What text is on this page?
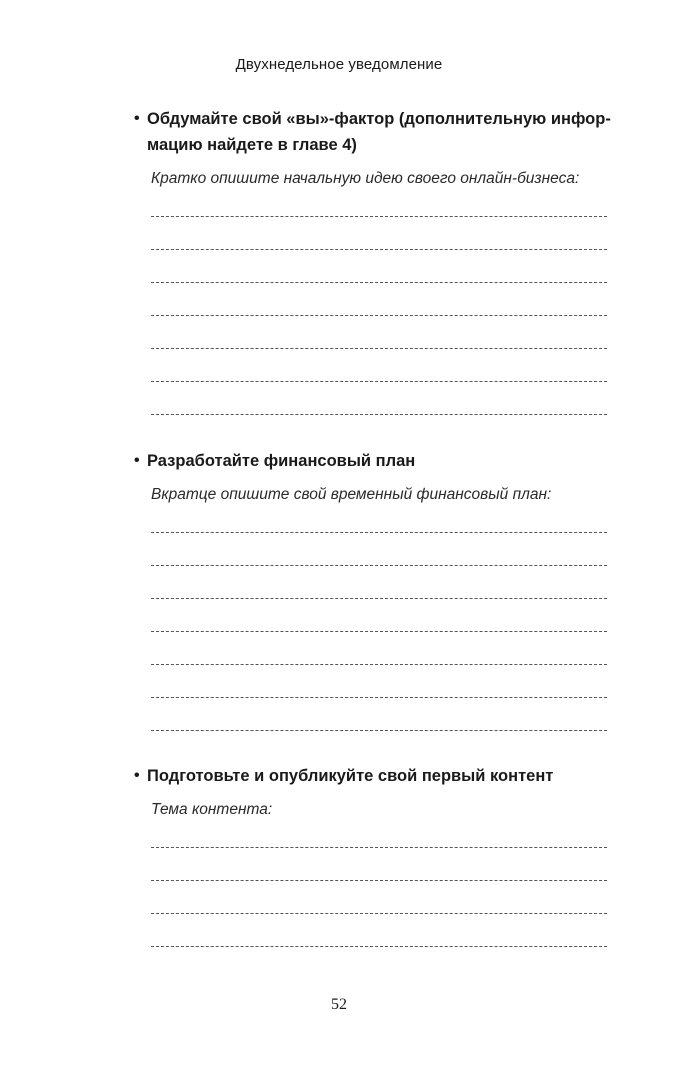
Двухнедельное уведомление
• Обдумайте свой «вы»-фактор (дополнительную инфор-
мацию найдете в главе 4)
Кратко опишите начальную идею своего онлайн-бизнеса:
• Разработайте финансовый план
Вкратце опишите свой временный финансовый план:
• Подготовьте и опубликуйте свой первый контент
Тема контента:
52
